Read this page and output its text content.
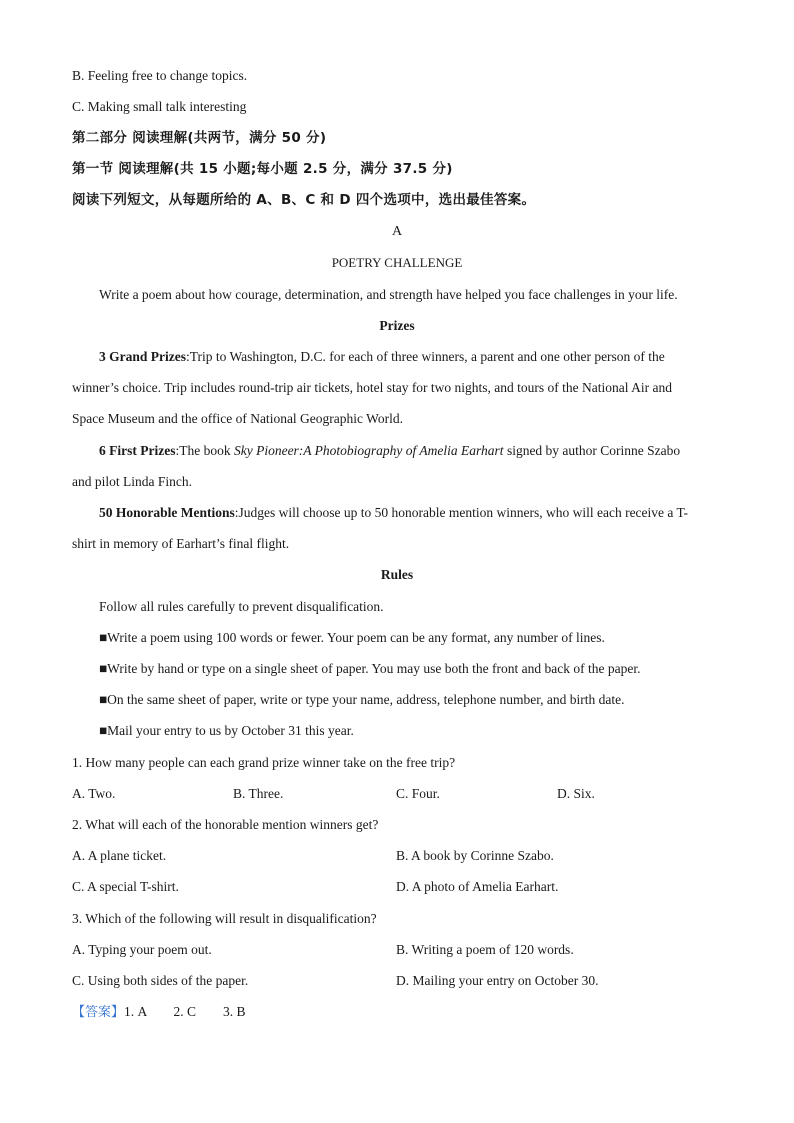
B. Feeling free to change topics.
C. Making small talk interesting
第二部分 阅读理解(共两节，满分 50 分)
第一节 阅读理解(共 15 小题;每小题 2.5 分，满分 37.5 分)
阅读下列短文，从每题所给的 A、B、C 和 D 四个选项中，选出最佳答案。
A
POETRY CHALLENGE
Write a poem about how courage, determination, and strength have helped you face challenges in your life.
Prizes
3 Grand Prizes:Trip to Washington, D.C. for each of three winners, a parent and one other person of the
winner’s choice. Trip includes round-trip air tickets, hotel stay for two nights, and tours of the National Air and
Space Museum and the office of National Geographic World.
6 First Prizes:The book Sky Pioneer:A Photobiography of Amelia Earhart signed by author Corinne Szabo
and pilot Linda Finch.
50 Honorable Mentions:Judges will choose up to 50 honorable mention winners, who will each receive a T-
shirt in memory of Earhart’s final flight.
Rules
Follow all rules carefully to prevent disqualification.
■Write a poem using 100 words or fewer. Your poem can be any format, any number of lines.
■Write by hand or type on a single sheet of paper. You may use both the front and back of the paper.
■On the same sheet of paper, write or type your name, address, telephone number, and birth date.
■Mail your entry to us by October 31 this year.
1. How many people can each grand prize winner take on the free trip?
A. Two.	B. Three.	C. Four.	D. Six.
2. What will each of the honorable mention winners get?
A. A plane ticket.	B. A book by Corinne Szabo.
C. A special T-shirt.	D. A photo of Amelia Earhart.
3. Which of the following will result in disqualification?
A. Typing your poem out.	B. Writing a poem of 120 words.
C. Using both sides of the paper.	D. Mailing your entry on October 30.
【答案】1. A        2. C        3. B
